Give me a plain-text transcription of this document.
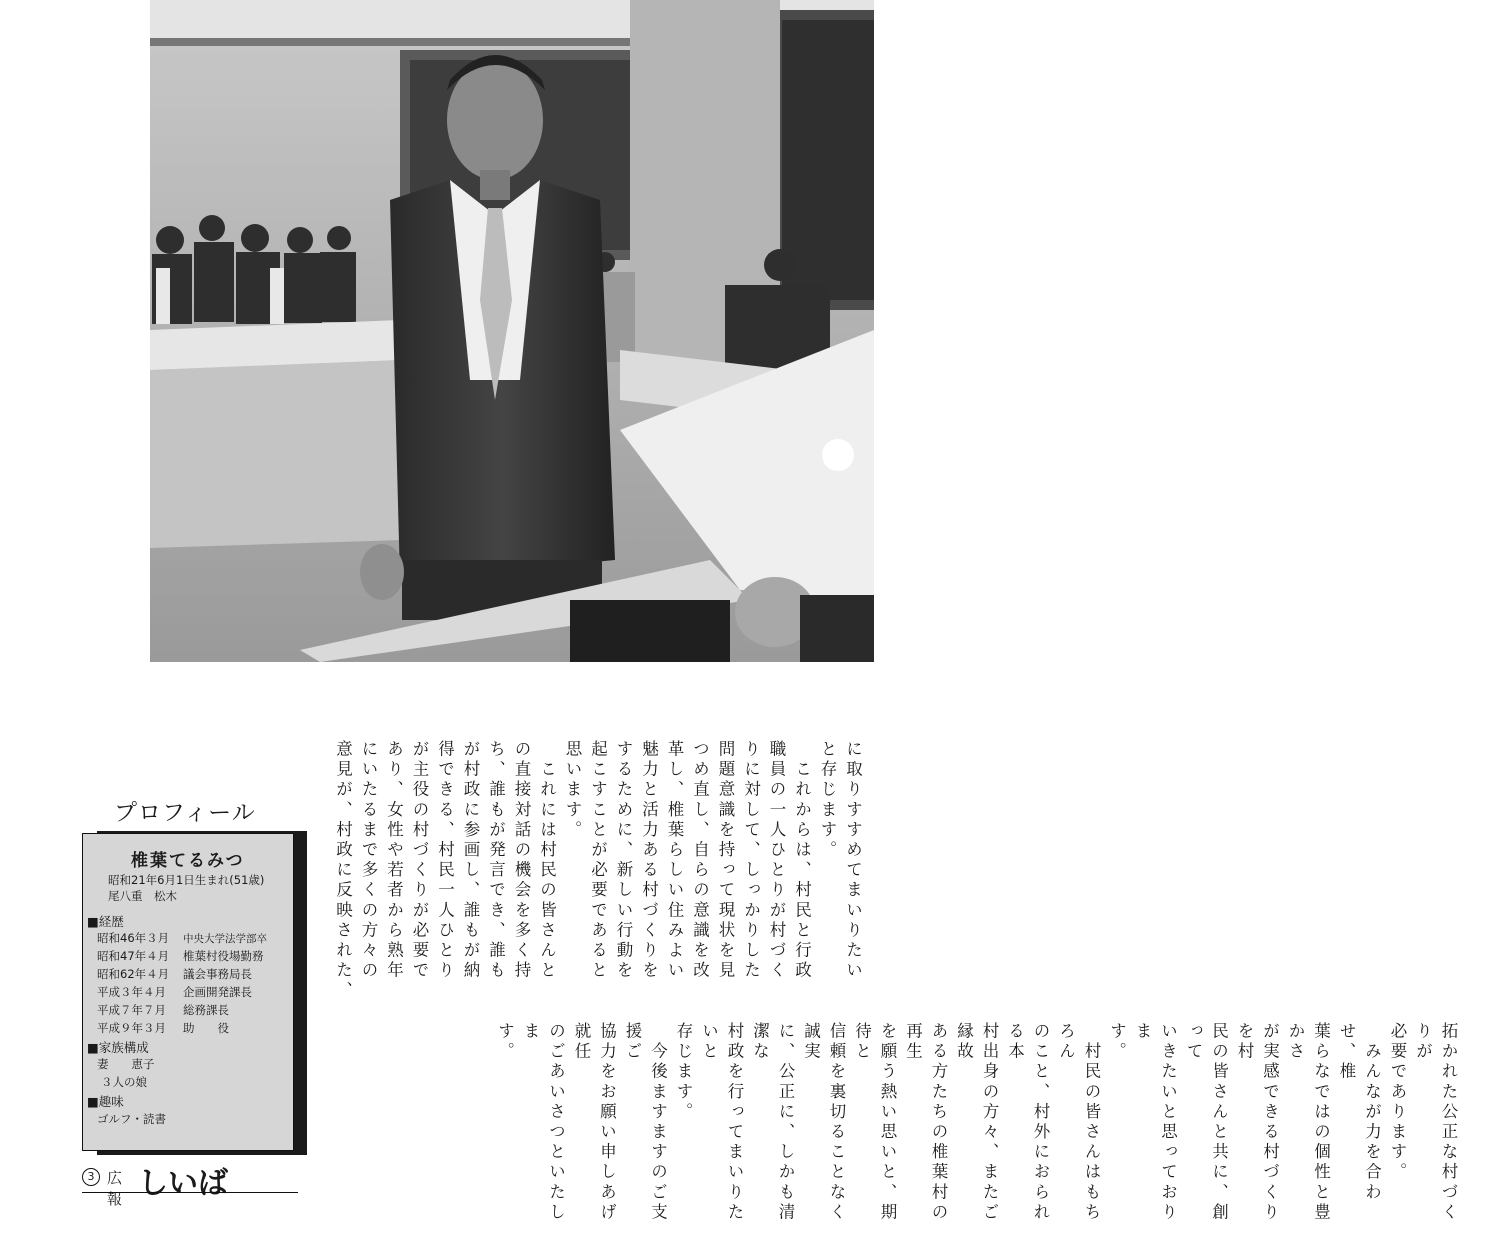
に取りすすめてまいりたい
と存じます。
　これからは、村民と行政
職員の一人ひとりが村づく
りに対して、しっかりした
問題意識を持って現状を見
つめ直し、自らの意識を改
革し、椎葉らしい住みよい
魅力と活力ある村づくりを
するために、新しい行動を
起こすことが必要であると
思います。
　これには村民の皆さんと
の直接対話の機会を多く持
ち、誰もが発言でき、誰も
が村政に参画し、誰もが納
得できる、村民一人ひとり
が主役の村づくりが必要で
あり、女性や若者から熟年
にいたるまで多くの方々の
意見が、村政に反映された、

拓かれた公正な村づくりが
必要であります。
　みんなが力を合わせ、椎
葉らなではの個性と豊かさ
が実感できる村づくりを村
民の皆さんと共に、創って
いきたいと思っておりま
す。
　村民の皆さんはもちろん
のこと、村外におられる本
村出身の方々、またご縁故
ある方たちの椎葉村の再生
を願う熱い思いと、期待と
信頼を裏切ることなく誠実
に、公正に、しかも清潔な
村政を行ってまいりたいと
存じます。
　今後ますますのご支援ご
協力をお願い申しあげ就任
のごあいさつといたしま
す。
プロフィール
椎葉てるみつ
昭和21年6月1日生まれ(51歳)
尾八重　松木
■経歴
昭和46年３月 中央大学法学部卒
昭和47年４月 椎葉村役場勤務
昭和62年４月 議会事務局長
平成３年４月 企画開発課長
平成７年７月 総務課長
平成９年３月 助　　役
■家族構成
妻　　恵子
３人の娘
■趣味
ゴルフ・読書
3 広報 しいば
